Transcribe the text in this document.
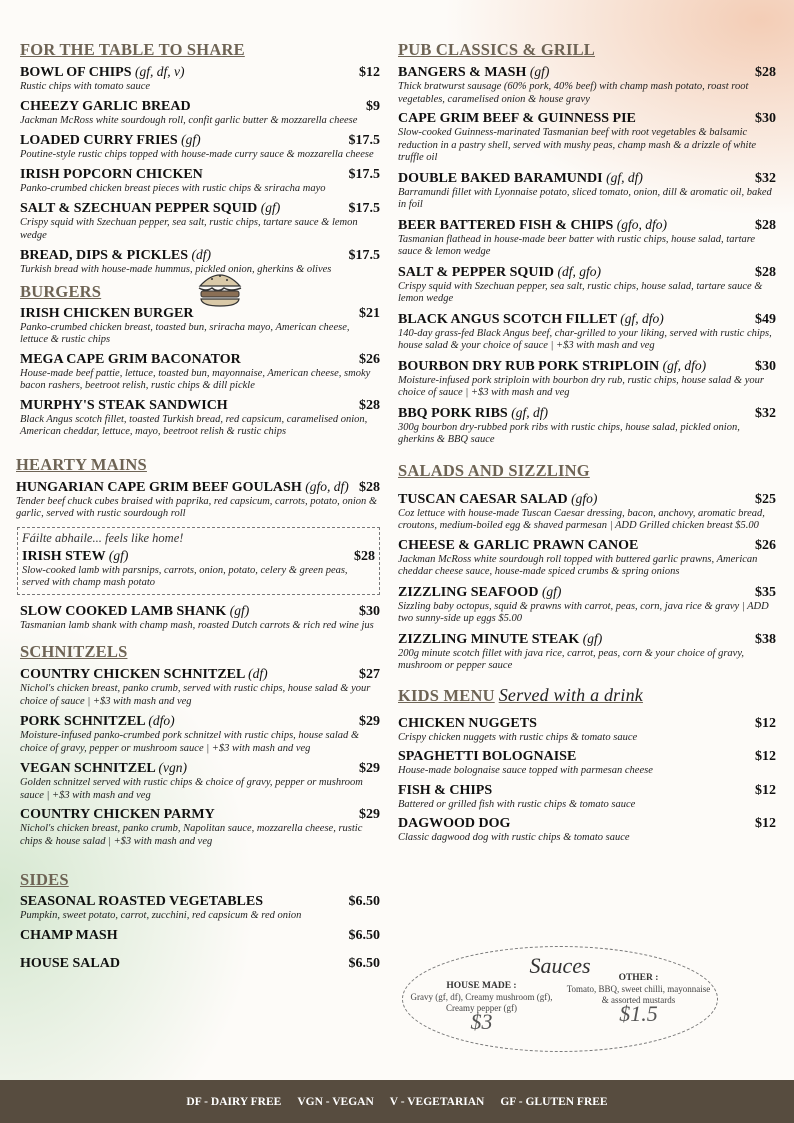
FOR THE TABLE TO SHARE
BOWL OF CHIPS (gf, df, v)	$12
Rustic chips with tomato sauce
CHEEZY GARLIC BREAD	$9
Jackman McRoss white sourdough roll, confit garlic butter & mozzarella cheese
LOADED CURRY FRIES (gf)	$17.5
Poutine-style rustic chips topped with house-made curry sauce & mozzarella cheese
IRISH POPCORN CHICKEN	$17.5
Panko-crumbed chicken breast pieces with rustic chips & sriracha mayo
SALT & SZECHUAN PEPPER SQUID (gf)	$17.5
Crispy squid with Szechuan pepper, sea salt, rustic chips, tartare sauce & lemon wedge
BREAD, DIPS & PICKLES (df)	$17.5
Turkish bread with house-made hummus, pickled onion, gherkins & olives
BURGERS
IRISH CHICKEN BURGER	$21
Panko-crumbed chicken breast, toasted bun, sriracha mayo, American cheese, lettuce & rustic chips
MEGA CAPE GRIM BACONATOR	$26
House-made beef pattie, lettuce, toasted bun, mayonnaise, American cheese, smoky bacon rashers, beetroot relish, rustic chips & dill pickle
MURPHY'S STEAK SANDWICH	$28
Black Angus scotch fillet, toasted Turkish bread, red capsicum, caramelised onion, American cheddar, lettuce, mayo, beetroot relish & rustic chips
HEARTY MAINS
HUNGARIAN CAPE GRIM BEEF GOULASH (gfo, df) $28
Tender beef chuck cubes braised with paprika, red capsicum, carrots, potato, onion & garlic, served with rustic sourdough roll
Fáilte abhaile... feels like home!
IRISH STEW (gf)	$28
Slow-cooked lamb with parsnips, carrots, onion, potato, celery & green peas, served with champ mash potato
SLOW COOKED LAMB SHANK (gf)	$30
Tasmanian lamb shank with champ mash, roasted Dutch carrots & rich red wine jus
SCHNITZELS
COUNTRY CHICKEN SCHNITZEL (df)	$27
Nichol's chicken breast, panko crumb, served with rustic chips, house salad & your choice of sauce | +$3 with mash and veg
PORK SCHNITZEL (dfo)	$29
Moisture-infused panko-crumbed pork schnitzel with rustic chips, house salad & choice of gravy, pepper or mushroom sauce | +$3 with mash and veg
VEGAN SCHNITZEL (vgn)	$29
Golden schnitzel served with rustic chips & choice of gravy, pepper or mushroom sauce | +$3 with mash and veg
COUNTRY CHICKEN PARMY	$29
Nichol's chicken breast, panko crumb, Napolitan sauce, mozzarella cheese, rustic chips & house salad | +$3 with mash and veg
SIDES
SEASONAL ROASTED VEGETABLES	$6.50
Pumpkin, sweet potato, carrot, zucchini, red capsicum & red onion
CHAMP MASH	$6.50
HOUSE SALAD	$6.50
PUB CLASSICS & GRILL
BANGERS & MASH (gf)	$28
Thick bratwurst sausage (60% pork, 40% beef) with champ mash potato, roast root vegetables, caramelised onion & house gravy
CAPE GRIM BEEF & GUINNESS PIE	$30
Slow-cooked Guinness-marinated Tasmanian beef with root vegetables & balsamic reduction in a pastry shell, served with mushy peas, champ mash & a drizzle of white truffle oil
DOUBLE BAKED BARAMUNDI (gf, df)	$32
Barramundi fillet with Lyonnaise potato, sliced tomato, onion, dill & aromatic oil, baked in foil
BEER BATTERED FISH & CHIPS (gfo, dfo)	$28
Tasmanian flathead in house-made beer batter with rustic chips, house salad, tartare sauce & lemon wedge
SALT & PEPPER SQUID (df, gfo)	$28
Crispy squid with Szechuan pepper, sea salt, rustic chips, house salad, tartare sauce & lemon wedge
BLACK ANGUS SCOTCH FILLET (gf, dfo)	$49
140-day grass-fed Black Angus beef, char-grilled to your liking, served with rustic chips, house salad & your choice of sauce | +$3 with mash and veg
BOURBON DRY RUB PORK STRIPLOIN (gf, dfo)	$30
Moisture-infused pork striploin with bourbon dry rub, rustic chips, house salad & your choice of sauce | +$3 with mash and veg
BBQ PORK RIBS (gf, df)	$32
300g bourbon dry-rubbed pork ribs with rustic chips, house salad, pickled onion, gherkins & BBQ sauce
SALADS AND SIZZLING
TUSCAN CAESAR SALAD (gfo)	$25
Coz lettuce with house-made Tuscan Caesar dressing, bacon, anchovy, aromatic bread, croutons, medium-boiled egg & shaved parmesan | ADD Grilled chicken breast $5.00
CHEESE & GARLIC PRAWN CANOE	$26
Jackman McRoss white sourdough roll topped with buttered garlic prawns, American cheddar cheese sauce, house-made spiced crumbs & spring onions
ZIZZLING SEAFOOD (gf)	$35
Sizzling baby octopus, squid & prawns with carrot, peas, corn, java rice & gravy | ADD two sunny-side up eggs $5.00
ZIZZLING MINUTE STEAK (gf)	$38
200g minute scotch fillet with java rice, carrot, peas, corn & your choice of gravy, mushroom or pepper sauce
KIDS MENU Served with a drink
CHICKEN NUGGETS	$12
Crispy chicken nuggets with rustic chips & tomato sauce
SPAGHETTI BOLOGNAISE	$12
House-made bolognaise sauce topped with parmesan cheese
FISH & CHIPS	$12
Battered or grilled fish with rustic chips & tomato sauce
DAGWOOD DOG	$12
Classic dagwood dog with rustic chips & tomato sauce
Sauces
HOUSE MADE :
Gravy (gf, df), Creamy mushroom (gf), Creamy pepper (gf)
$3
OTHER :
Tomato, BBQ, sweet chilli, mayonnaise & assorted mustards
$1.5
DF - DAIRY FREE VGN - VEGAN V - VEGETARIAN GF - GLUTEN FREE
